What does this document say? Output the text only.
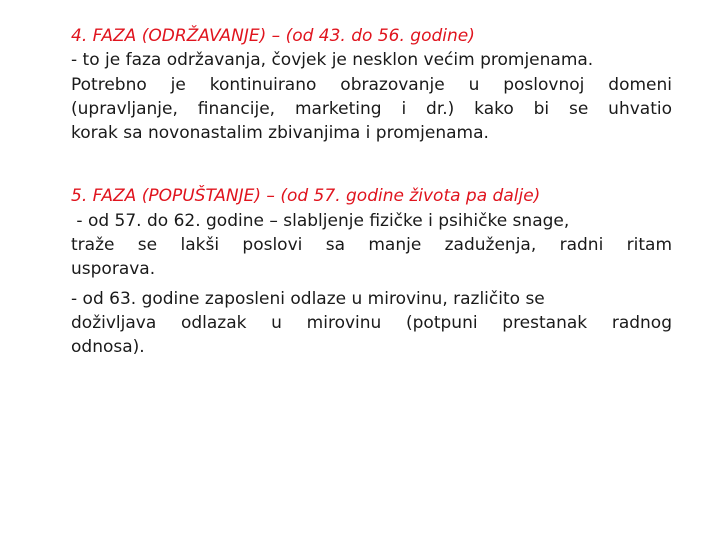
4. FAZA (ODRŽAVANJE) – (od 43. do 56. godine)
- to je faza održavanja, čovjek je nesklon većim promjenama.
Potrebno je kontinuirano obrazovanje u poslovnoj domeni
(upravljanje, financije, marketing i dr.) kako bi se uhvatio
korak sa novonastalim zbivanjima i promjenama.
5. FAZA (POPUŠTANJE) – (od 57. godine života pa dalje)
- od 57. do 62. godine – slabljenje fizičke i psihičke snage,
traže se lakši poslovi sa manje zaduženja, radni ritam
usporava.
- od 63. godine zaposleni odlaze u mirovinu, različito se
doživljava odlazak u mirovinu (potpuni prestanak radnog
odnosa).
